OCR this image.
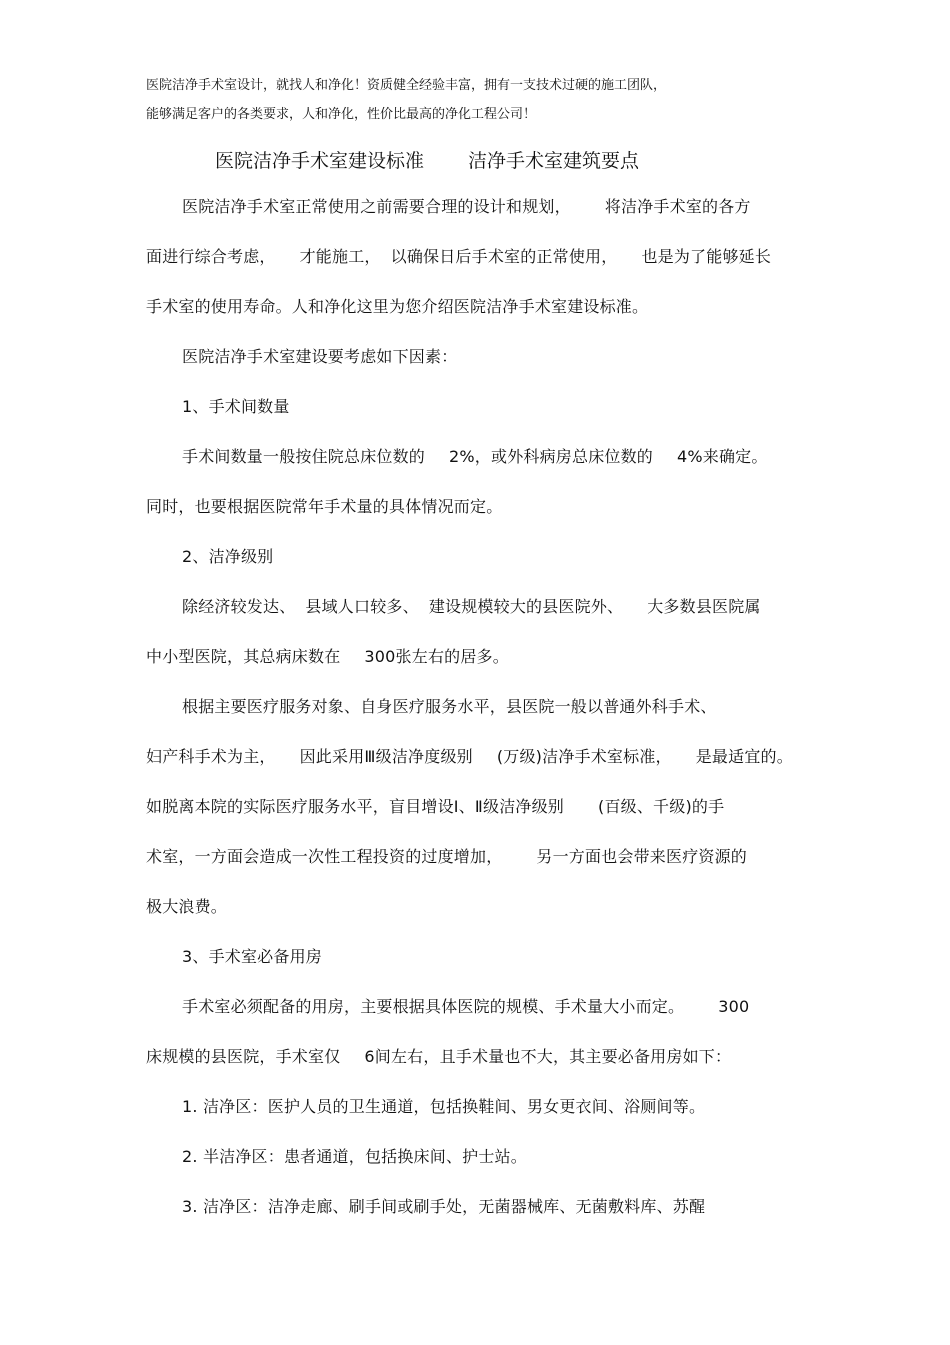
医院洁净手术室设计，就找人和净化！资质健全经验丰富，拥有一支技术过硬的施工团队，
能够满足客户的各类要求，人和净化，性价比最高的净化工程公司！
医院洁净手术室建设标准 洁净手术室建筑要点
医院洁净手术室正常使用之前需要合理的设计和规划， 将洁净手术室的各方
面进行综合考虑， 才能施工， 以确保日后手术室的正常使用， 也是为了能够延长
手术室的使用寿命。人和净化这里为您介绍医院洁净手术室建设标准。
医院洁净手术室建设要考虑如下因素：
1、手术间数量
手术间数量一般按住院总床位数的 2%，或外科病房总床位数的 4%来确定。
同时，也要根据医院常年手术量的具体情况而定。
2、洁净级别
除经济较发达、 县域人口较多、 建设规模较大的县医院外、 大多数县医院属
中小型医院，其总病床数在 300张左右的居多。
根据主要医疗服务对象、自身医疗服务水平，县医院一般以普通外科手术、
妇产科手术为主， 因此采用Ⅲ级洁净度级别 (万级)洁净手术室标准， 是最适宜的。
如脱离本院的实际医疗服务水平，盲目增设Ⅰ、Ⅱ级洁净级别 (百级、千级)的手
术室，一方面会造成一次性工程投资的过度增加， 另一方面也会带来医疗资源的
极大浪费。
3、手术室必备用房
手术室必须配备的用房，主要根据具体医院的规模、手术量大小而定。 300
床规模的县医院，手术室仅 6间左右，且手术量也不大，其主要必备用房如下：
1. 洁净区：医护人员的卫生通道，包括换鞋间、男女更衣间、浴厕间等。
2. 半洁净区：患者通道，包括换床间、护士站。
3. 洁净区：洁净走廊、刷手间或刷手处，无菌器械库、无菌敷料库、苏醒
